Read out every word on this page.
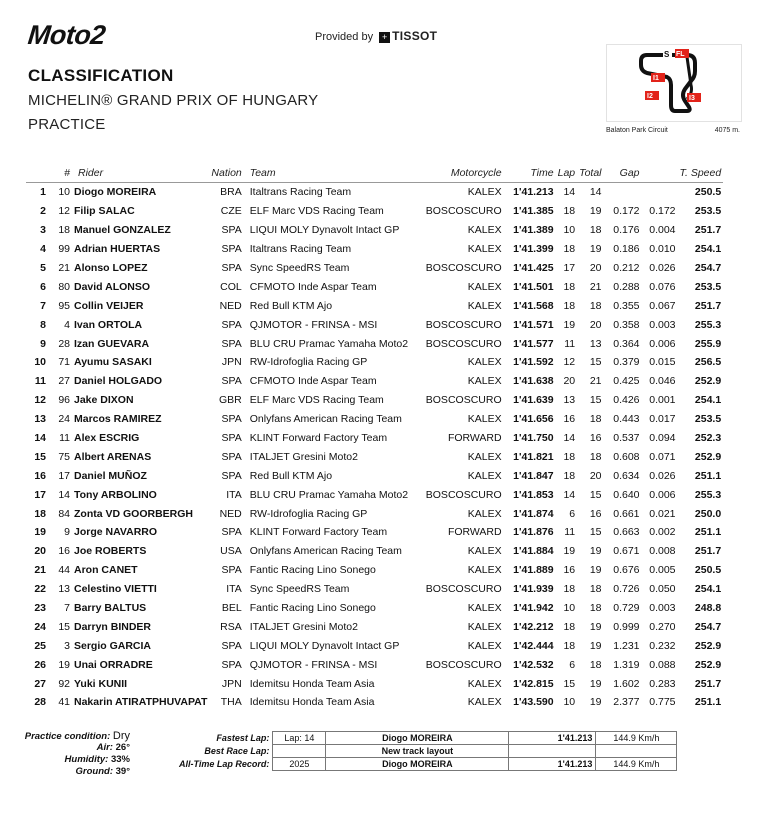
Moto2	Provided by + TISSOT
CLASSIFICATION
MICHELIN® GRAND PRIX OF HUNGARY
PRACTICE
S FL
I1
I2	I3
Balaton Park Circuit	4075 m.
	#	Rider	Nation	Team	Motorcycle	Time	Lap	Total	Gap		T. Speed
1	10	Diogo MOREIRA	BRA	Italtrans Racing Team	KALEX	1'41.213	14	14			250.5
2	12	Filip SALAC	CZE	ELF Marc VDS Racing Team	BOSCOSCURO	1'41.385	18	19	0.172	0.172	253.5
3	18	Manuel GONZALEZ	SPA	LIQUI MOLY Dynavolt Intact GP	KALEX	1'41.389	10	18	0.176	0.004	251.7
4	99	Adrian HUERTAS	SPA	Italtrans Racing Team	KALEX	1'41.399	18	19	0.186	0.010	254.1
5	21	Alonso LOPEZ	SPA	Sync SpeedRS Team	BOSCOSCURO	1'41.425	17	20	0.212	0.026	254.7
6	80	David ALONSO	COL	CFMOTO Inde Aspar Team	KALEX	1'41.501	18	21	0.288	0.076	253.5
7	95	Collin VEIJER	NED	Red Bull KTM Ajo	KALEX	1'41.568	18	18	0.355	0.067	251.7
8	4	Ivan ORTOLA	SPA	QJMOTOR - FRINSA - MSI	BOSCOSCURO	1'41.571	19	20	0.358	0.003	255.3
9	28	Izan GUEVARA	SPA	BLU CRU Pramac Yamaha Moto2	BOSCOSCURO	1'41.577	11	13	0.364	0.006	255.9
10	71	Ayumu SASAKI	JPN	RW-Idrofoglia Racing GP	KALEX	1'41.592	12	15	0.379	0.015	256.5
11	27	Daniel HOLGADO	SPA	CFMOTO Inde Aspar Team	KALEX	1'41.638	20	21	0.425	0.046	252.9
12	96	Jake DIXON	GBR	ELF Marc VDS Racing Team	BOSCOSCURO	1'41.639	13	15	0.426	0.001	254.1
13	24	Marcos RAMIREZ	SPA	Onlyfans American Racing Team	KALEX	1'41.656	16	18	0.443	0.017	253.5
14	11	Alex ESCRIG	SPA	KLINT Forward Factory Team	FORWARD	1'41.750	14	16	0.537	0.094	252.3
15	75	Albert ARENAS	SPA	ITALJET Gresini Moto2	KALEX	1'41.821	18	18	0.608	0.071	252.9
16	17	Daniel MUÑOZ	SPA	Red Bull KTM Ajo	KALEX	1'41.847	18	20	0.634	0.026	251.1
17	14	Tony ARBOLINO	ITA	BLU CRU Pramac Yamaha Moto2	BOSCOSCURO	1'41.853	14	15	0.640	0.006	255.3
18	84	Zonta VD GOORBERGH	NED	RW-Idrofoglia Racing GP	KALEX	1'41.874	6	16	0.661	0.021	250.0
19	9	Jorge NAVARRO	SPA	KLINT Forward Factory Team	FORWARD	1'41.876	11	15	0.663	0.002	251.1
20	16	Joe ROBERTS	USA	Onlyfans American Racing Team	KALEX	1'41.884	19	19	0.671	0.008	251.7
21	44	Aron CANET	SPA	Fantic Racing Lino Sonego	KALEX	1'41.889	16	19	0.676	0.005	250.5
22	13	Celestino VIETTI	ITA	Sync SpeedRS Team	BOSCOSCURO	1'41.939	18	18	0.726	0.050	254.1
23	7	Barry BALTUS	BEL	Fantic Racing Lino Sonego	KALEX	1'41.942	10	18	0.729	0.003	248.8
24	15	Darryn BINDER	RSA	ITALJET Gresini Moto2	KALEX	1'42.212	18	19	0.999	0.270	254.7
25	3	Sergio GARCIA	SPA	LIQUI MOLY Dynavolt Intact GP	KALEX	1'42.444	18	19	1.231	0.232	252.9
26	19	Unai ORRADRE	SPA	QJMOTOR - FRINSA - MSI	BOSCOSCURO	1'42.532	6	18	1.319	0.088	252.9
27	92	Yuki KUNII	JPN	Idemitsu Honda Team Asia	KALEX	1'42.815	15	19	1.602	0.283	251.7
28	41	Nakarin ATIRATPHUVAPAT	THA	Idemitsu Honda Team Asia	KALEX	1'43.590	10	19	2.377	0.775	251.1
Practice condition: Dry
Air: 26°
Humidity: 33%
Ground: 39°
Fastest Lap:	Lap: 14	Diogo MOREIRA	1'41.213	144.9 Km/h
Best Race Lap:		New track layout		
All-Time Lap Record:	2025	Diogo MOREIRA	1'41.213	144.9 Km/h
